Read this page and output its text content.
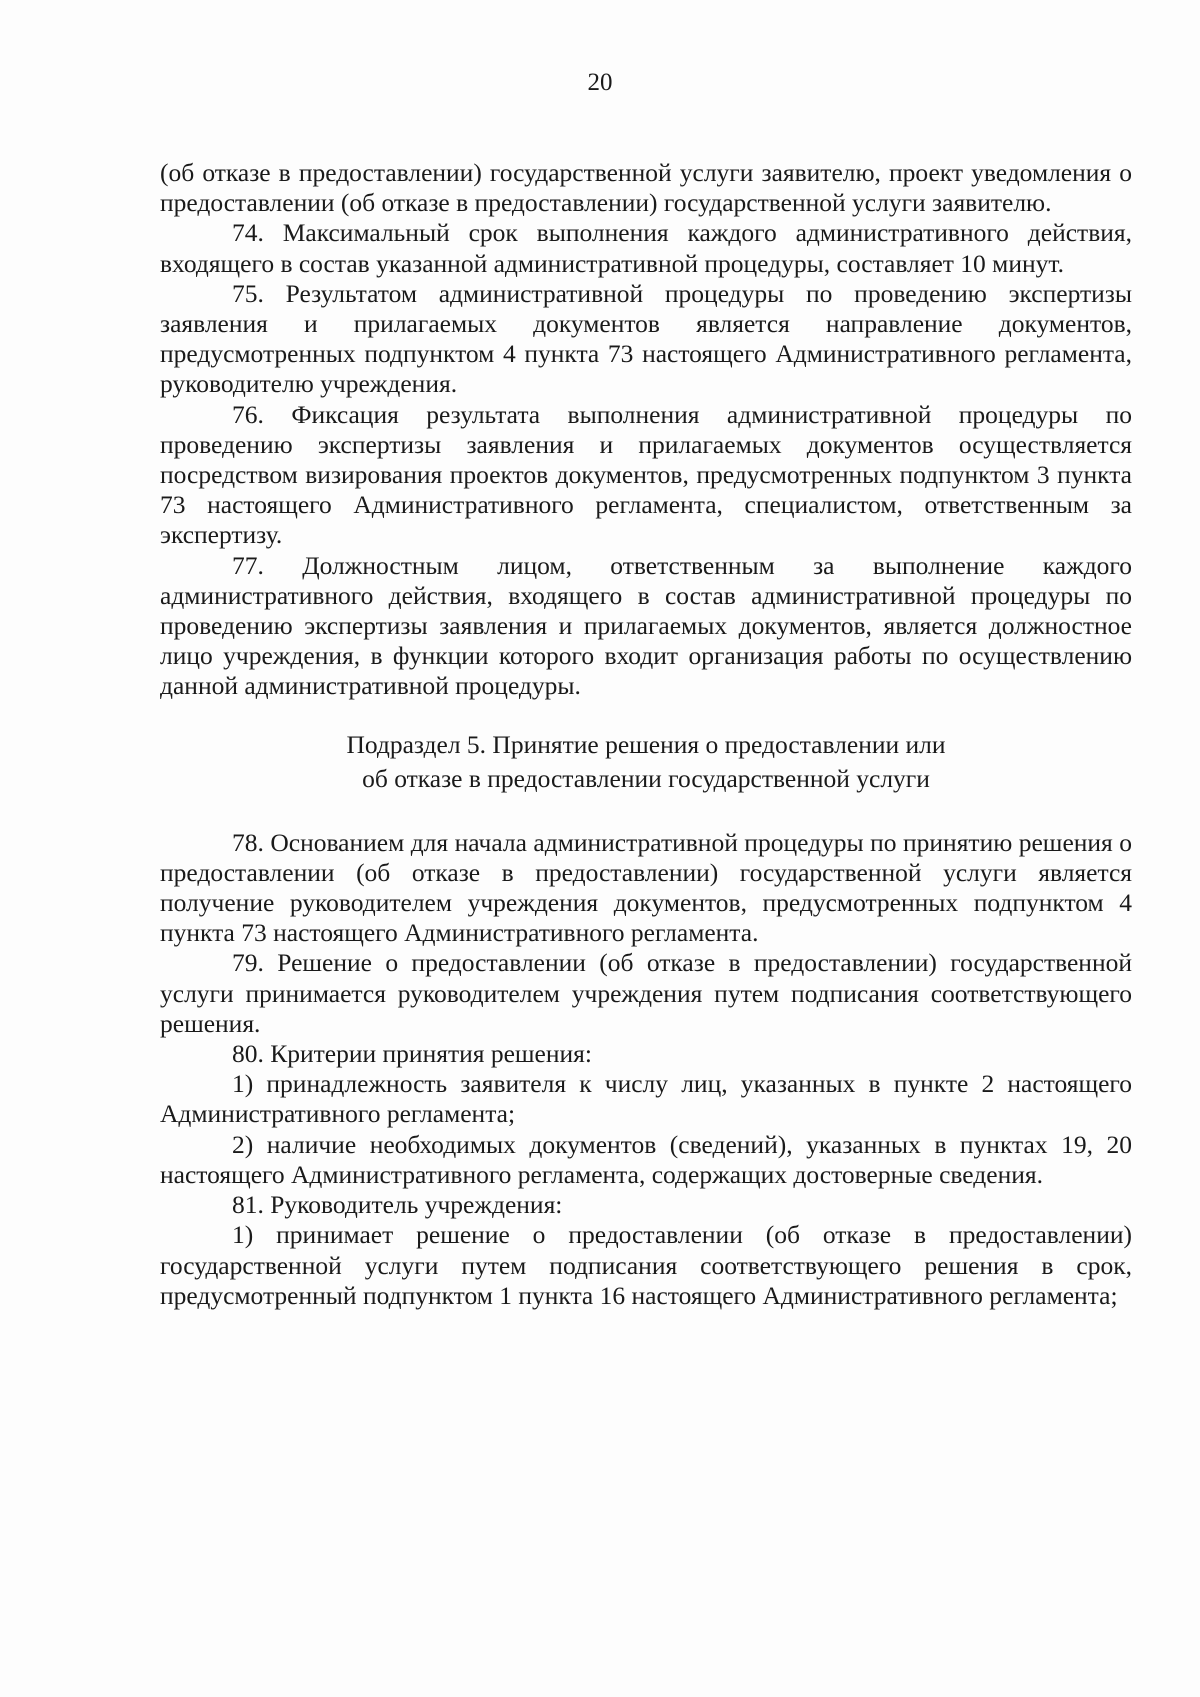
20

(об отказе в предоставлении) государственной услуги заявителю, проект уведомления о предоставлении (об отказе в предоставлении) государственной услуги заявителю.

74. Максимальный срок выполнения каждого административного действия, входящего в состав указанной административной процедуры, составляет 10 минут.

75. Результатом административной процедуры по проведению экспертизы заявления и прилагаемых документов является направление документов, предусмотренных подпунктом 4 пункта 73 настоящего Административного регламента, руководителю учреждения.

76. Фиксация результата выполнения административной процедуры по проведению экспертизы заявления и прилагаемых документов осуществляется посредством визирования проектов документов, предусмотренных подпунктом 3 пункта 73 настоящего Административного регламента, специалистом, ответственным за экспертизу.

77. Должностным лицом, ответственным за выполнение каждого административного действия, входящего в состав административной процедуры по проведению экспертизы заявления и прилагаемых документов, является должностное лицо учреждения, в функции которого входит организация работы по осуществлению данной административной процедуры.

Подраздел 5. Принятие решения о предоставлении или
об отказе в предоставлении государственной услуги

78. Основанием для начала административной процедуры по принятию решения о предоставлении (об отказе в предоставлении) государственной услуги является получение руководителем учреждения документов, предусмотренных подпунктом 4 пункта 73 настоящего Административного регламента.

79. Решение о предоставлении (об отказе в предоставлении) государственной услуги принимается руководителем учреждения путем подписания соответствующего решения.

80. Критерии принятия решения:

1) принадлежность заявителя к числу лиц, указанных в пункте 2 настоящего Административного регламента;

2) наличие необходимых документов (сведений), указанных в пунктах 19, 20 настоящего Административного регламента, содержащих достоверные сведения.

81. Руководитель учреждения:

1) принимает решение о предоставлении (об отказе в предоставлении) государственной услуги путем подписания соответствующего решения в срок, предусмотренный подпунктом 1 пункта 16 настоящего Административного регламента;
